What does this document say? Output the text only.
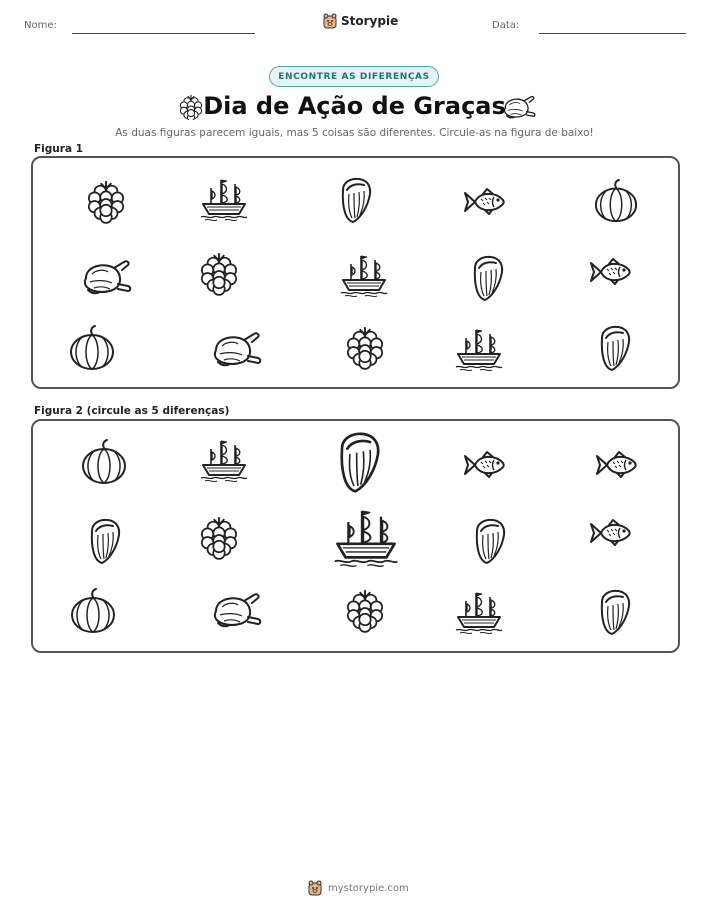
Nome:	Storypie	Data:
ENCONTRE AS DIFERENÇAS
Dia de Ação de Graças
As duas figuras parecem iguais, mas 5 coisas são diferentes. Circule-as na figura de baixo!
Figura 1
Figura 2 (circule as 5 diferenças)
mystorypie.com
